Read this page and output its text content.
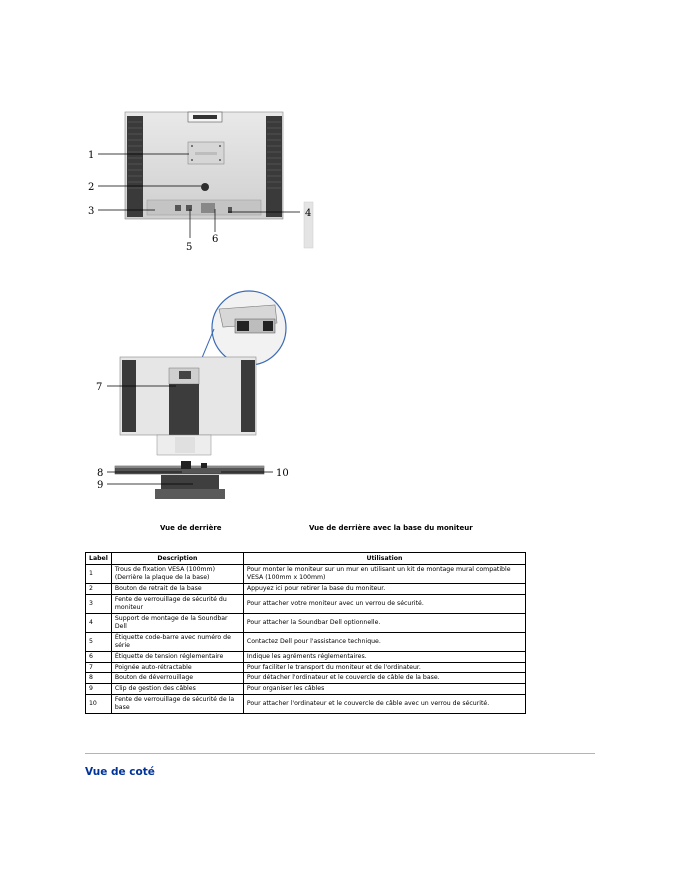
1
2
3	4
5
6
7
8
9
10
Vue de derrière	Vue de derrière avec la base du moniteur
Label	Description	Utilisation
1	Trous de fixation VESA (100mm) (Derrière la plaque de la base)	Pour monter le moniteur sur un mur en utilisant un kit de montage mural compatible VESA (100mm x 100mm)
2	Bouton de retrait de la base	Appuyez ici pour retirer la base du moniteur.
3	Fente de verrouillage de sécurité du moniteur	Pour attacher votre moniteur avec un verrou de sécurité.
4	Support de montage de la Soundbar Dell	Pour attacher la Soundbar Dell optionnelle.
5	Étiquette code-barre avec numéro de série	Contactez Dell pour l'assistance technique.
6	Étiquette de tension réglementaire	Indique les agréments réglementaires.
7	Poignée auto-rétractable	Pour faciliter le transport du moniteur et de l'ordinateur.
8	Bouton de déverrouillage	Pour détacher l'ordinateur et le couvercle de câble de la base.
9	Clip de gestion des câbles	Pour organiser les câbles
10	Fente de verrouillage de sécurité de la base	Pour attacher l'ordinateur et le couvercle de câble avec un verrou de sécurité.
Vue de coté
